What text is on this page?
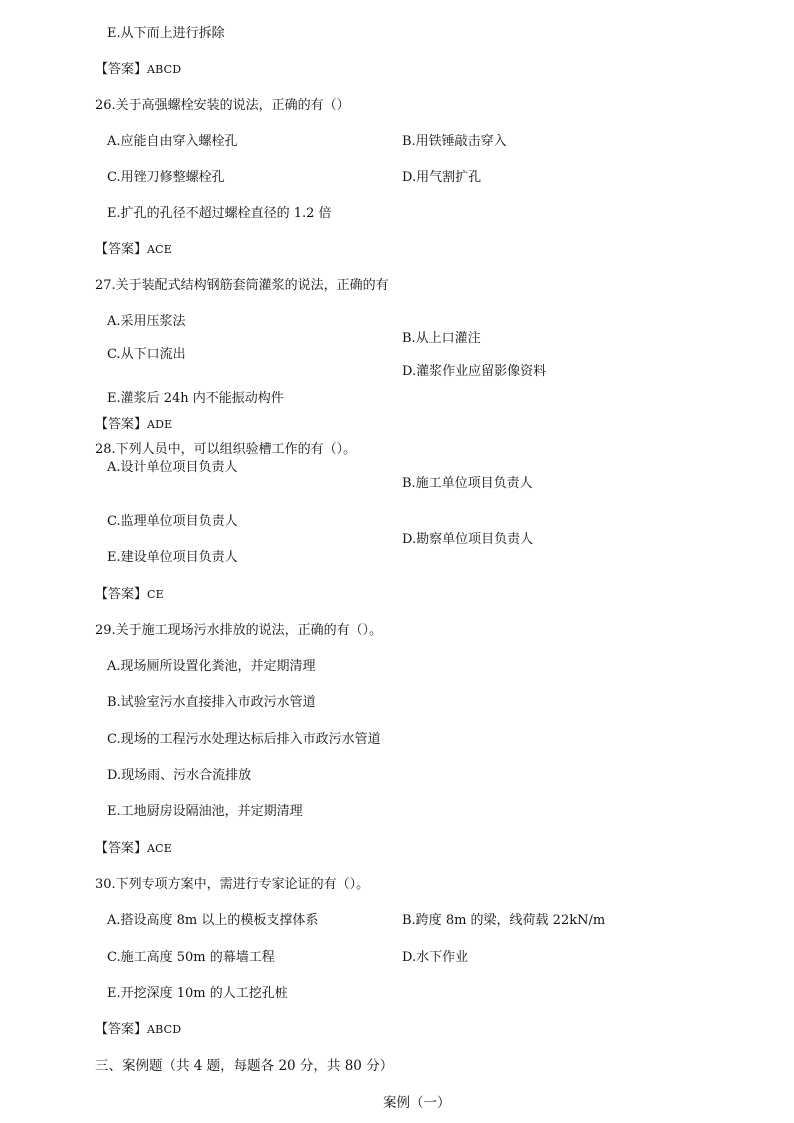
E.从下而上进行拆除
【答案】ABCD
26.关于高强螺栓安装的说法，正确的有（）
A.应能自由穿入螺栓孔	B.用铁锤敲击穿入
C.用锉刀修整螺栓孔	D.用气割扩孔
E.扩孔的孔径不超过螺栓直径的 1.2 倍
【答案】ACE
27.关于装配式结构钢筋套筒灌浆的说法，正确的有
A.采用压浆法
B.从上口灌注
C.从下口流出
D.灌浆作业应留影像资料
E.灌浆后 24h 内不能振动构件
【答案】ADE
28.下列人员中，可以组织验槽工作的有（）。
A.设计单位项目负责人
B.施工单位项目负责人
C.监理单位项目负责人
D.勘察单位项目负责人
E.建设单位项目负责人
【答案】CE
29.关于施工现场污水排放的说法，正确的有（）。
A.现场厕所设置化粪池，并定期清理
B.试验室污水直接排入市政污水管道
C.现场的工程污水处理达标后排入市政污水管道
D.现场雨、污水合流排放
E.工地厨房设隔油池，并定期清理
【答案】ACE
30.下列专项方案中，需进行专家论证的有（）。
A.搭设高度 8m 以上的模板支撑体系	B.跨度 8m 的梁，线荷载 22kN/m
C.施工高度 50m 的幕墙工程	D.水下作业
E.开挖深度 10m 的人工挖孔桩
【答案】ABCD
三、案例题（共 4 题，每题各 20 分，共 80 分）
案例（一）
